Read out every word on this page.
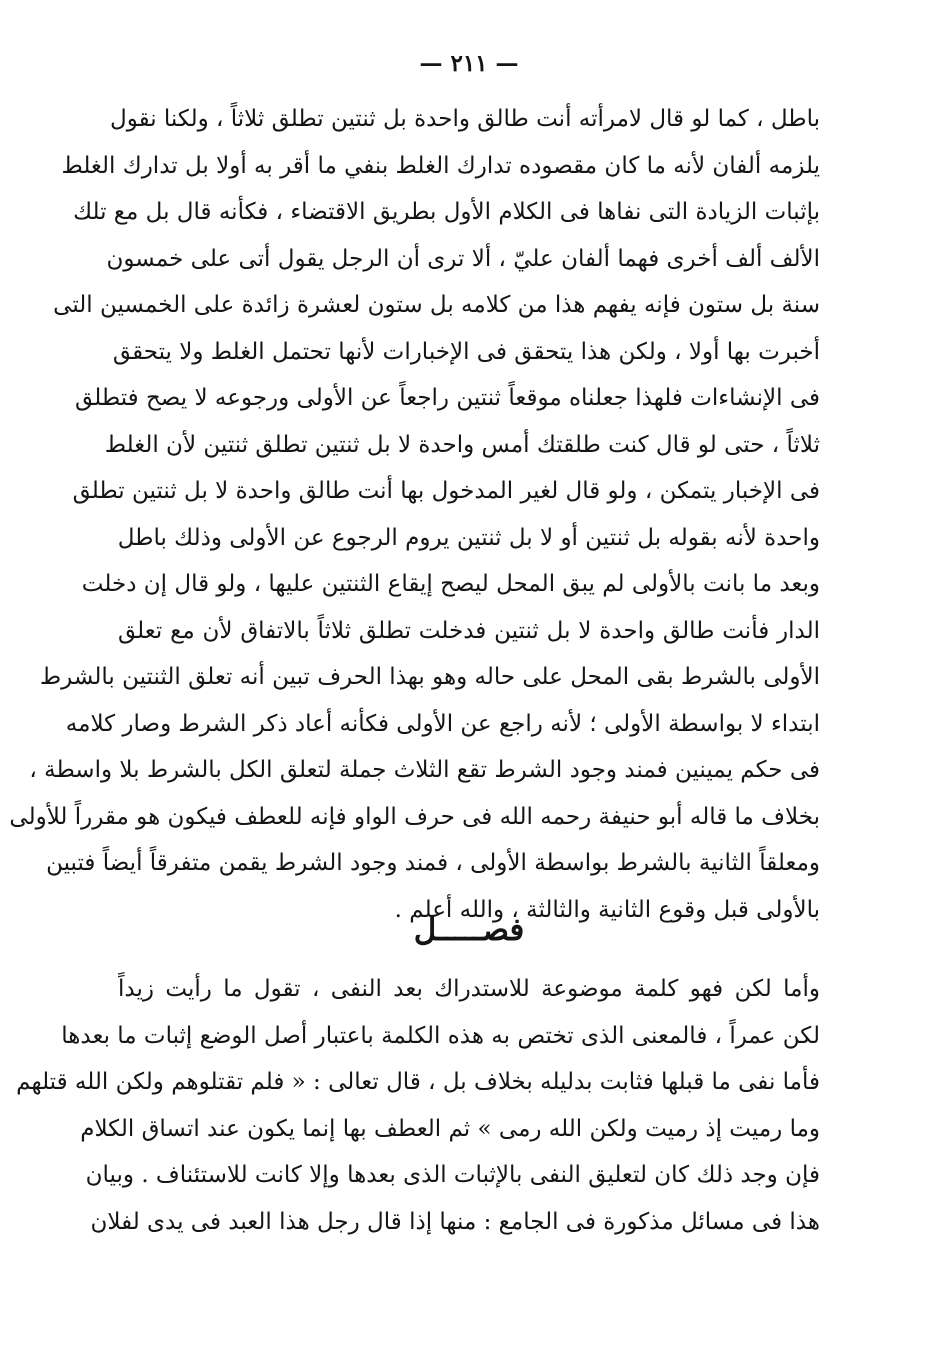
— ٢١١ —
باطل ، كما لو قال لامرأته أنت طالق واحدة بل ثنتين تطلق ثلاثاً ، ولكنا نقول
يلزمه ألفان لأنه ما كان مقصوده تدارك الغلط بنفي ما أقر به أولا بل تدارك الغلط
بإثبات الزيادة التى نفاها فى الكلام الأول بطريق الاقتضاء ، فكأنه قال بل مع تلك
الألف ألف أخرى فهما ألفان عليّ ، ألا ترى أن الرجل يقول أتى على خمسون
سنة بل ستون فإنه يفهم هذا من كلامه بل ستون لعشرة زائدة على الخمسين التى
أخبرت بها أولا ، ولكن هذا يتحقق فى الإخبارات لأنها تحتمل الغلط ولا يتحقق
فى الإنشاءات فلهذا جعلناه موقعاً ثنتين راجعاً عن الأولى ورجوعه لا يصح فتطلق
ثلاثاً ، حتى لو قال كنت طلقتك أمس واحدة لا بل ثنتين تطلق ثنتين لأن الغلط
فى الإخبار يتمكن ، ولو قال لغير المدخول بها أنت طالق واحدة لا بل ثنتين تطلق
واحدة لأنه بقوله بل ثنتين أو لا بل ثنتين يروم الرجوع عن الأولى وذلك باطل
وبعد ما بانت بالأولى لم يبق المحل ليصح إيقاع الثنتين عليها ، ولو قال إن دخلت
الدار فأنت طالق واحدة لا بل ثنتين فدخلت تطلق ثلاثاً بالاتفاق لأن مع تعلق
الأولى بالشرط بقى المحل على حاله وهو بهذا الحرف تبين أنه تعلق الثنتين بالشرط
ابتداء لا بواسطة الأولى ؛ لأنه راجع عن الأولى فكأنه أعاد ذكر الشرط وصار كلامه
فى حكم يمينين فمند وجود الشرط تقع الثلاث جملة لتعلق الكل بالشرط بلا واسطة ،
بخلاف ما قاله أبو حنيفة رحمه الله فى حرف الواو فإنه للعطف فيكون هو مقرراً للأولى
ومعلقاً الثانية بالشرط بواسطة الأولى ، فمند وجود الشرط يقمن متفرقاً أيضاً فتبين
بالأولى قبل وقوع الثانية والثالثة ، والله أعلم .
فصـــــل
وأما لكن فهو كلمة موضوعة للاستدراك بعد النفى ، تقول ما رأيت زيداً
لكن عمراً ، فالمعنى الذى تختص به هذه الكلمة باعتبار أصل الوضع إثبات ما بعدها
فأما نفى ما قبلها فثابت بدليله بخلاف بل ، قال تعالى : « فلم تقتلوهم ولكن الله قتلهم
وما رميت إذ رميت ولكن الله رمى » ثم العطف بها إنما يكون عند اتساق الكلام
فإن وجد ذلك كان لتعليق النفى بالإثبات الذى بعدها وإلا كانت للاستئناف . وبيان
هذا فى مسائل مذكورة فى الجامع : منها إذا قال رجل هذا العبد فى يدى لفلان
